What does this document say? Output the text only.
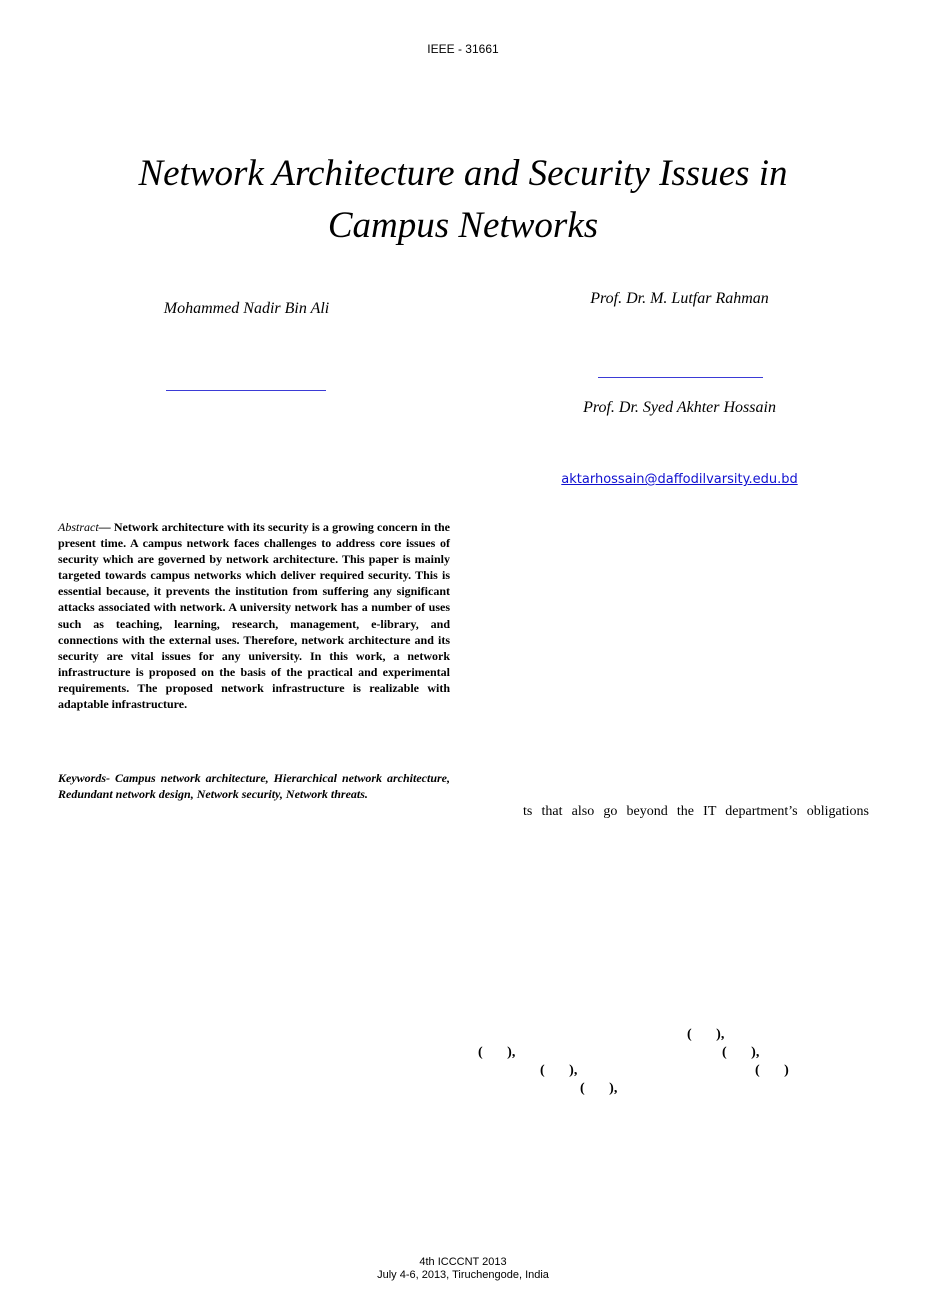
IEEE - 31661
Network Architecture and Security Issues in
Campus Networks
Mohammed Nadir Bin Ali
Prof. Dr. M. Lutfar Rahman
Prof. Dr. Syed Akhter Hossain
aktarhossain@daffodilvarsity.edu.bd
Abstract— Network architecture with its security is a growing concern in the present time. A campus network faces challenges to address core issues of security which are governed by network architecture. This paper is mainly targeted towards campus networks which deliver required security. This is essential because, it prevents the institution from suffering any significant attacks associated with network. A university network has a number of uses such as teaching, learning, research, management, e-library, and connections with the external uses. Therefore, network architecture and its security are vital issues for any university. In this work, a network infrastructure is proposed on the basis of the practical and experimental requirements. The proposed network infrastructure is realizable with adaptable infrastructure.
Keywords- Campus network architecture, Hierarchical network architecture, Redundant network design, Network security, Network threats.
ts that also go beyond the IT department’s obligations
(       ),
(       ),	(       ),
(       ),	(       )
(       ),
4th ICCCNT 2013
July 4-6, 2013, Tiruchengode, India
